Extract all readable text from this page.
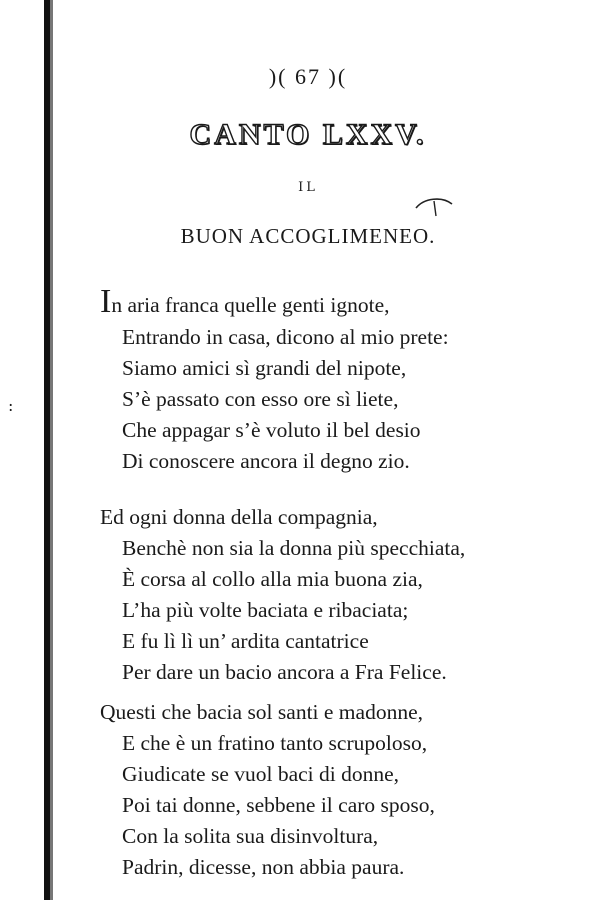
:
)( 67 )(
CANTO LXXV.
IL
BUON ACCOGLIMENEO.
In aria franca quelle genti ignote,
Entrando in casa, dicono al mio prete:
Siamo amici sì grandi del nipote,
S’è passato con esso ore sì liete,
Che appagar s’è voluto il bel desio
Di conoscere ancora il degno zio.
Ed ogni donna della compagnia,
Benchè non sia la donna più specchiata,
È corsa al collo alla mia buona zia,
L’ha più volte baciata e ribaciata;
E fu lì lì un’ ardita cantatrice
Per dare un bacio ancora a Fra Felice.
Questi che bacia sol santi e madonne,
E che è un fratino tanto scrupoloso,
Giudicate se vuol baci di donne,
Poi tai donne, sebbene il caro sposo,
Con la solita sua disinvoltura,
Padrin, dicesse, non abbia paura.
